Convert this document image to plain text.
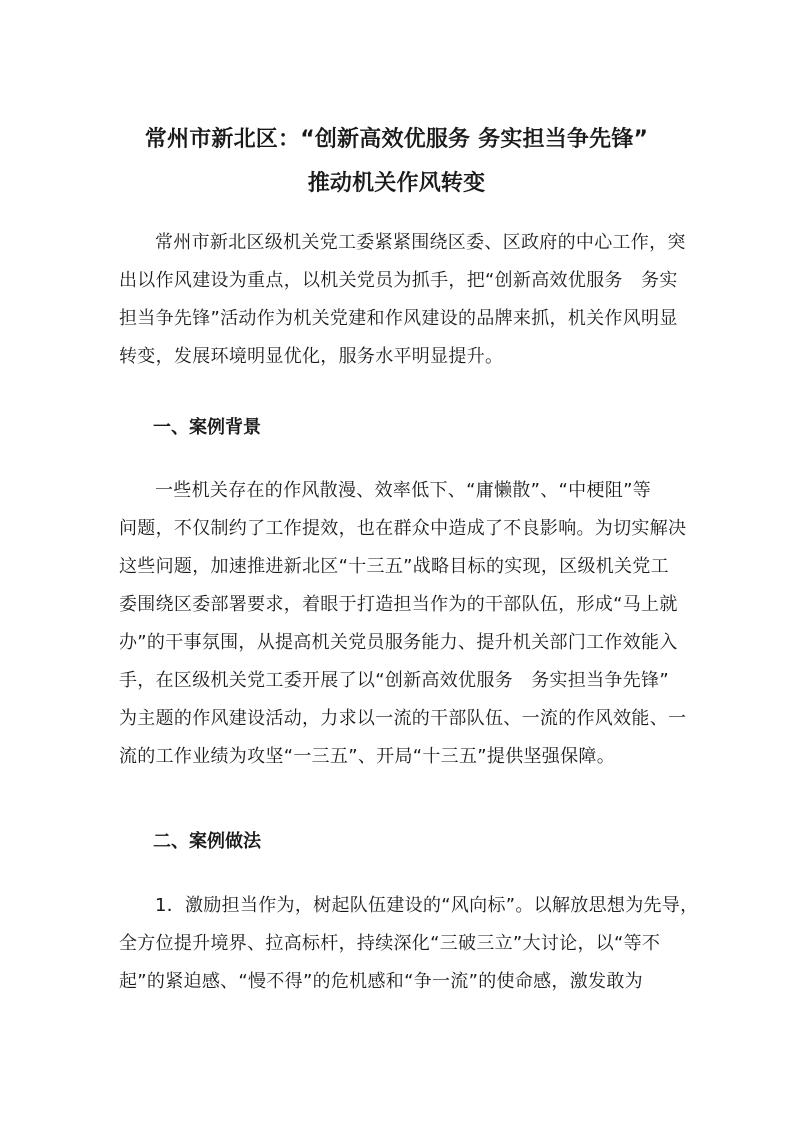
常州市新北区：“创新高效优服务 务实担当争先锋”
推动机关作风转变
常州市新北区级机关党工委紧紧围绕区委、区政府的中心工作，突
出以作风建设为重点，以机关党员为抓手，把“创新高效优服务　务实
担当争先锋”活动作为机关党建和作风建设的品牌来抓，机关作风明显
转变，发展环境明显优化，服务水平明显提升。

一、案例背景

一些机关存在的作风散漫、效率低下、“庸懒散”、“中梗阻”等
问题，不仅制约了工作提效，也在群众中造成了不良影响。为切实解决
这些问题，加速推进新北区“十三五”战略目标的实现，区级机关党工
委围绕区委部署要求，着眼于打造担当作为的干部队伍，形成“马上就
办”的干事氛围，从提高机关党员服务能力、提升机关部门工作效能入
手，在区级机关党工委开展了以“创新高效优服务　务实担当争先锋”
为主题的作风建设活动，力求以一流的干部队伍、一流的作风效能、一
流的工作业绩为攻坚“一三五”、开局“十三五”提供坚强保障。

二、案例做法

1．激励担当作为，树起队伍建设的“风向标”。以解放思想为先导，
全方位提升境界、拉高标杆，持续深化“三破三立”大讨论，以“等不
起”的紧迫感、“慢不得”的危机感和“争一流”的使命感，激发敢为
